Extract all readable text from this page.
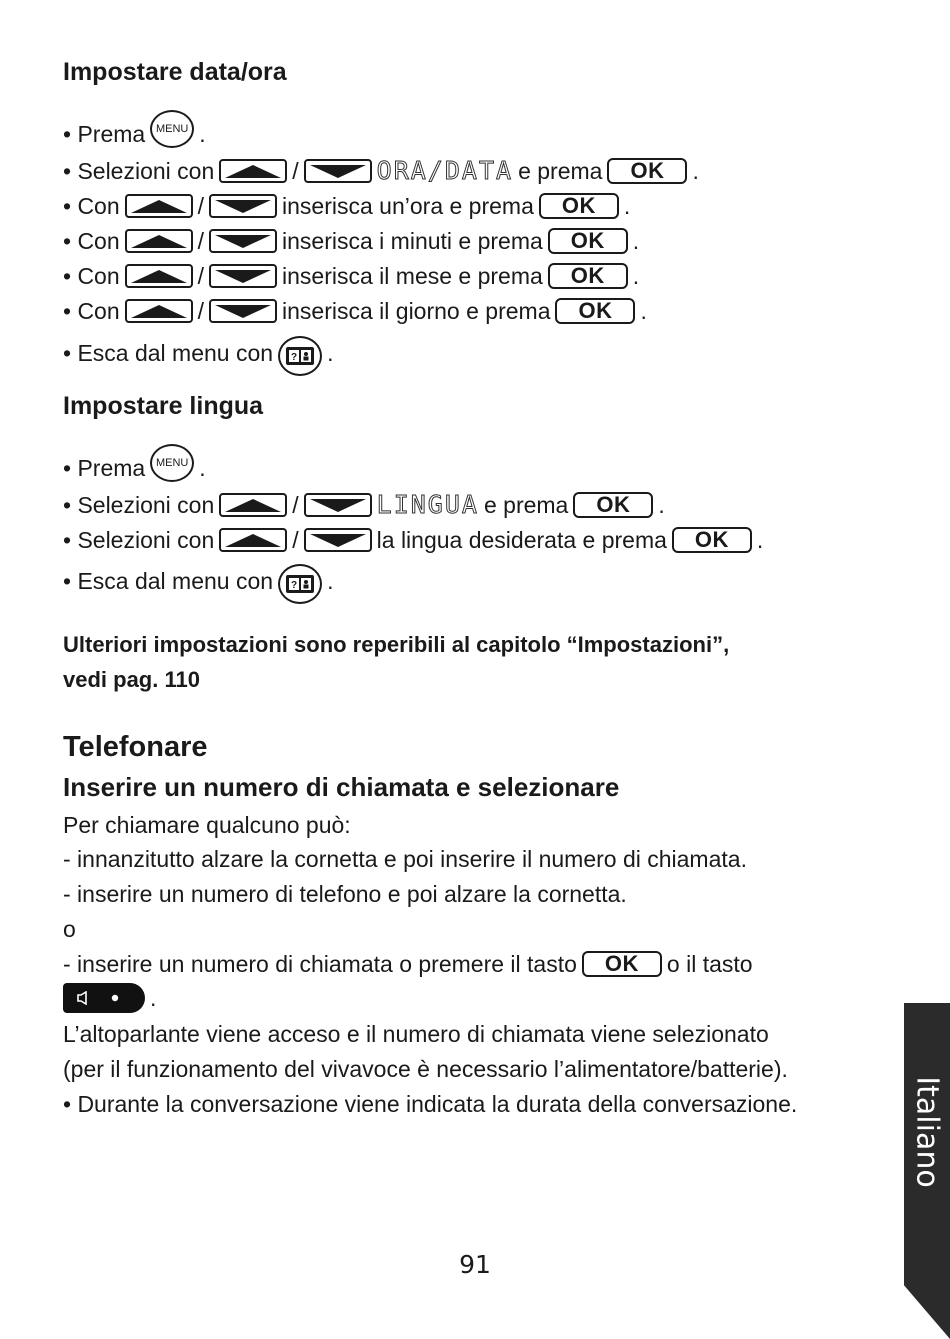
Impostare data/ora
• Prema MENU .
• Selezioni con	/	ORA/DATA e prema	OK	.
• Con	/	inserisca un’ora e prema	OK	.
• Con	/	inserisca i minuti e prema	OK	.
• Con	/	inserisca il mese e prema	OK	.
• Con	/	inserisca il giorno e prema	OK	.
• Esca dal menu con ? .
Impostare lingua
• Prema MENU .
• Selezioni con	/	LINGUA e prema	OK	.
• Selezioni con	/	la lingua desiderata e prema	OK	.
• Esca dal menu con ? .
Ulteriori impostazioni sono reperibili al capitolo “Impostazioni”,
vedi pag. 110
Telefonare
Inserire un numero di chiamata e selezionare
Per chiamare qualcuno può:
- innanzitutto alzare la cornetta e poi inserire il numero di chiamata.
- inserire un numero di telefono e poi alzare la cornetta.
o
- inserire un numero di chiamata o premere il tasto	OK	o il tasto
.
L’altoparlante viene acceso e il numero di chiamata viene selezionato
(per il funzionamento del vivavoce è necessario l’alimentatore/batterie).
• Durante la conversazione viene indicata la durata della conversazione.	Italiano
91
